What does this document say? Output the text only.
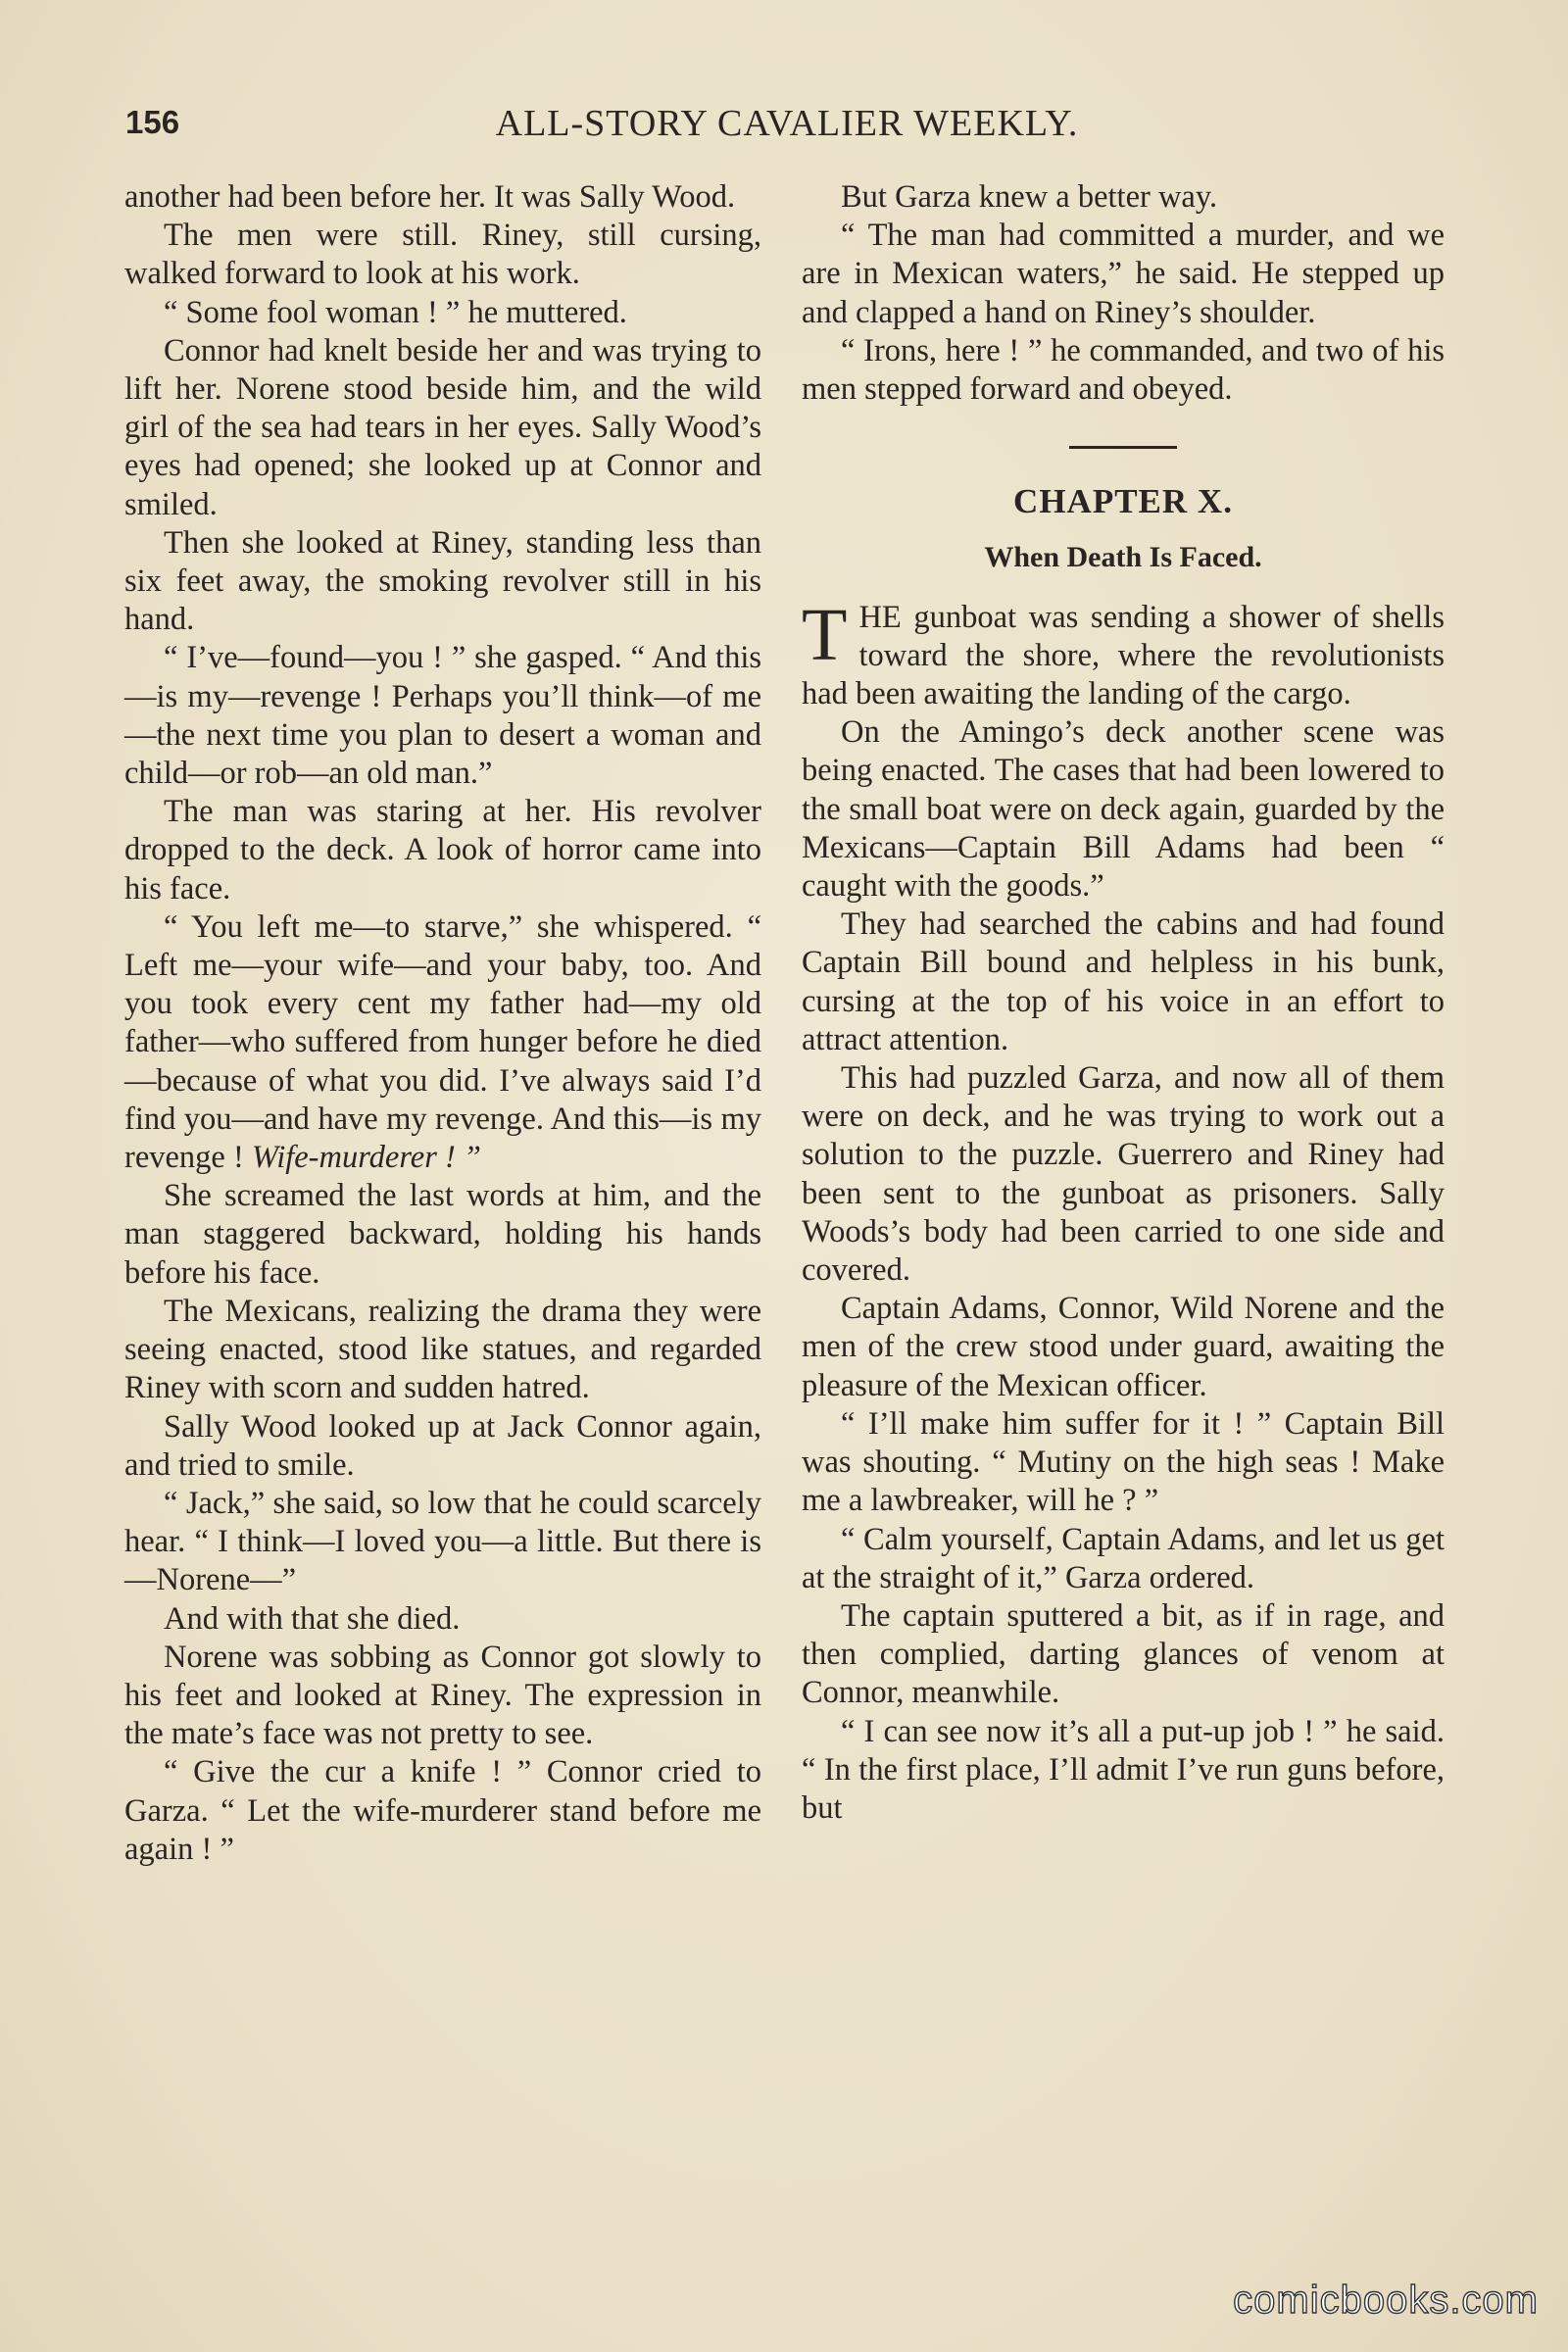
156	ALL-STORY CAVALIER WEEKLY.

another had been before her. It was Sally Wood.

The men were still. Riney, still cursing, walked forward to look at his work.

“ Some fool woman ! ” he muttered.

Connor had knelt beside her and was trying to lift her. Norene stood beside him, and the wild girl of the sea had tears in her eyes. Sally Wood’s eyes had opened; she looked up at Connor and smiled.

Then she looked at Riney, standing less than six feet away, the smoking revolver still in his hand.

“ I’ve—found—you ! ” she gasped. “ And this—is my—revenge ! Perhaps you’ll think—of me—the next time you plan to desert a woman and child—or rob—an old man.”

The man was staring at her. His revolver dropped to the deck. A look of horror came into his face.

“ You left me—to starve,” she whispered. “ Left me—your wife—and your baby, too. And you took every cent my father had—my old father—who suffered from hunger before he died—because of what you did. I’ve always said I’d find you—and have my revenge. And this—is my revenge ! Wife-murderer ! ”

She screamed the last words at him, and the man staggered backward, holding his hands before his face.

The Mexicans, realizing the drama they were seeing enacted, stood like statues, and regarded Riney with scorn and sudden hatred.

Sally Wood looked up at Jack Connor again, and tried to smile.

“ Jack,” she said, so low that he could scarcely hear. “ I think—I loved you—a little. But there is—Norene—”

And with that she died.

Norene was sobbing as Connor got slowly to his feet and looked at Riney. The expression in the mate’s face was not pretty to see.

“ Give the cur a knife ! ” Connor cried to Garza. “ Let the wife-murderer stand before me again ! ”

But Garza knew a better way.

“ The man had committed a murder, and we are in Mexican waters,” he said. He stepped up and clapped a hand on Riney’s shoulder.

“ Irons, here ! ” he commanded, and two of his men stepped forward and obeyed.

CHAPTER X.
When Death Is Faced.

THE gunboat was sending a shower of shells toward the shore, where the revolutionists had been awaiting the landing of the cargo.

On the Amingo’s deck another scene was being enacted. The cases that had been lowered to the small boat were on deck again, guarded by the Mexicans—Captain Bill Adams had been “ caught with the goods.”

They had searched the cabins and had found Captain Bill bound and helpless in his bunk, cursing at the top of his voice in an effort to attract attention.

This had puzzled Garza, and now all of them were on deck, and he was trying to work out a solution to the puzzle. Guerrero and Riney had been sent to the gunboat as prisoners. Sally Woods’s body had been carried to one side and covered.

Captain Adams, Connor, Wild Norene and the men of the crew stood under guard, awaiting the pleasure of the Mexican officer.

“ I’ll make him suffer for it ! ” Captain Bill was shouting. “ Mutiny on the high seas ! Make me a lawbreaker, will he ? ”

“ Calm yourself, Captain Adams, and let us get at the straight of it,” Garza ordered.

The captain sputtered a bit, as if in rage, and then complied, darting glances of venom at Connor, meanwhile.

“ I can see now it’s all a put-up job ! ” he said. “ In the first place, I’ll admit I’ve run guns before, but

comicbooks.com
